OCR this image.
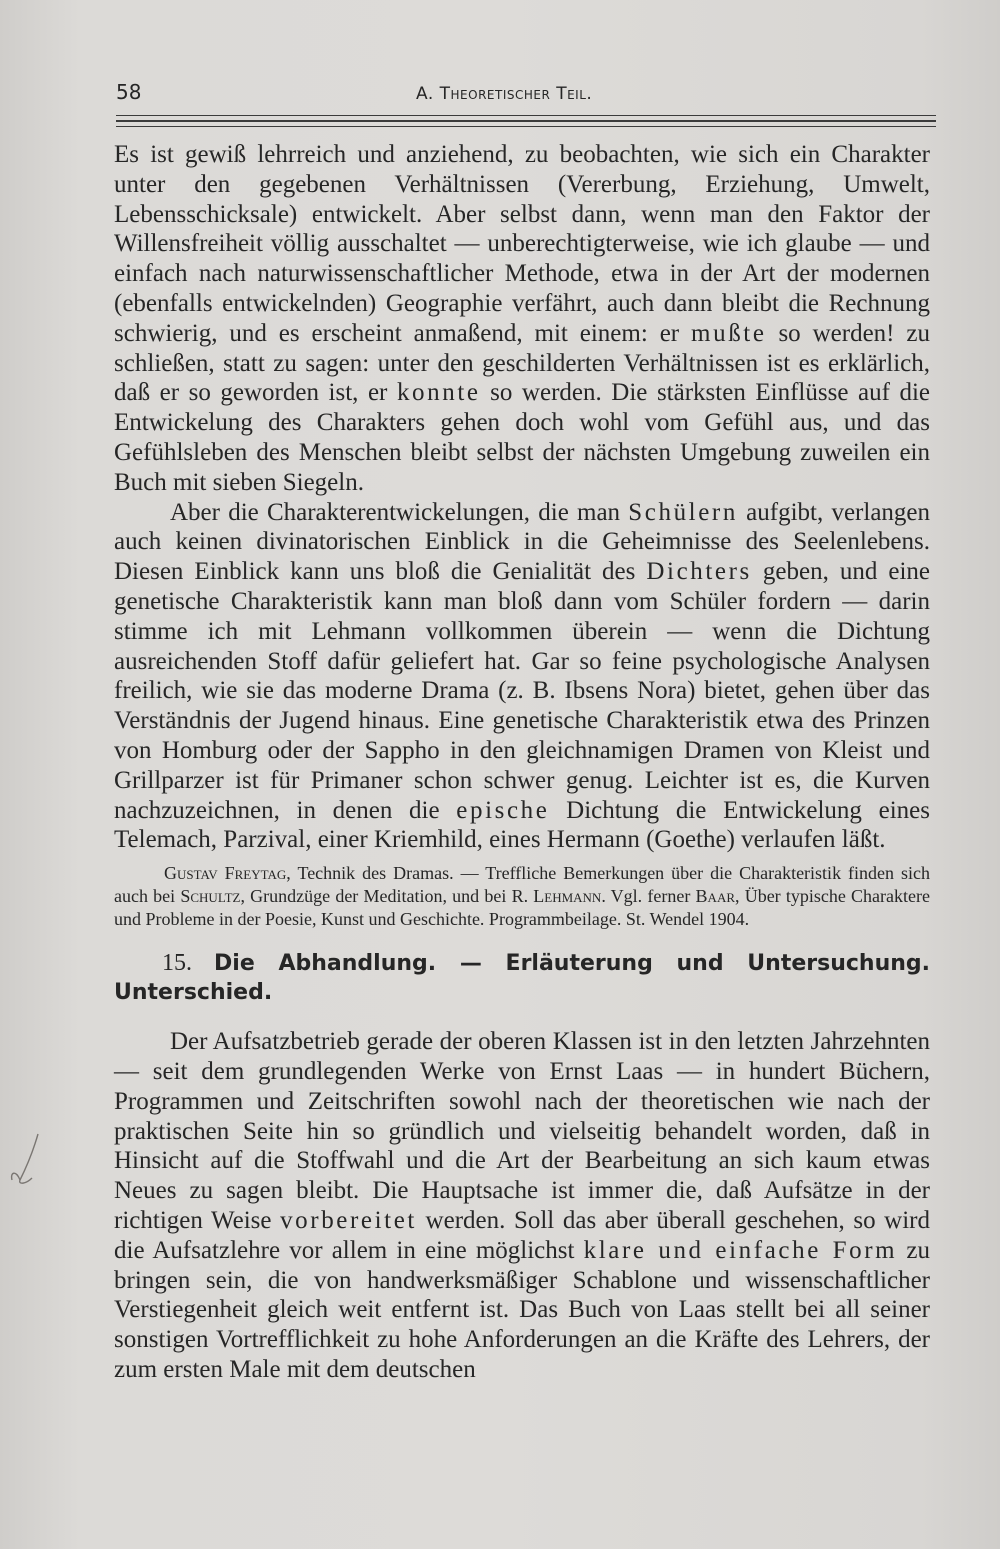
58	A. Theoretischer Teil.

Es ist gewiß lehrreich und anziehend, zu beobachten, wie sich ein Charakter unter den gegebenen Verhältnissen (Vererbung, Erziehung, Umwelt, Lebensschicksale) entwickelt. Aber selbst dann, wenn man den Faktor der Willensfreiheit völlig ausschaltet — unberechtigterweise, wie ich glaube — und einfach nach naturwissenschaftlicher Methode, etwa in der Art der modernen (ebenfalls entwickelnden) Geographie verfährt, auch dann bleibt die Rechnung schwierig, und es erscheint anmaßend, mit einem: er mußte so werden! zu schließen, statt zu sagen: unter den geschilderten Verhältnissen ist es erklärlich, daß er so geworden ist, er konnte so werden. Die stärksten Einflüsse auf die Entwickelung des Charakters gehen doch wohl vom Gefühl aus, und das Gefühlsleben des Menschen bleibt selbst der nächsten Umgebung zuweilen ein Buch mit sieben Siegeln.

Aber die Charakterentwickelungen, die man Schülern aufgibt, verlangen auch keinen divinatorischen Einblick in die Geheimnisse des Seelenlebens. Diesen Einblick kann uns bloß die Genialität des Dichters geben, und eine genetische Charakteristik kann man bloß dann vom Schüler fordern — darin stimme ich mit Lehmann vollkommen überein — wenn die Dichtung ausreichenden Stoff dafür geliefert hat. Gar so feine psychologische Analysen freilich, wie sie das moderne Drama (z. B. Ibsens Nora) bietet, gehen über das Verständnis der Jugend hinaus. Eine genetische Charakteristik etwa des Prinzen von Homburg oder der Sappho in den gleichnamigen Dramen von Kleist und Grillparzer ist für Primaner schon schwer genug. Leichter ist es, die Kurven nachzuzeichnen, in denen die epische Dichtung die Entwickelung eines Telemach, Parzival, einer Kriemhild, eines Hermann (Goethe) verlaufen läßt.

Gustav Freytag, Technik des Dramas. — Treffliche Bemerkungen über die Charakteristik finden sich auch bei Schultz, Grundzüge der Meditation, und bei R. Lehmann. Vgl. ferner Baar, Über typische Charaktere und Probleme in der Poesie, Kunst und Geschichte. Programmbeilage. St. Wendel 1904.

15. Die Abhandlung. — Erläuterung und Untersuchung. Unterschied.

Der Aufsatzbetrieb gerade der oberen Klassen ist in den letzten Jahrzehnten — seit dem grundlegenden Werke von Ernst Laas — in hundert Büchern, Programmen und Zeitschriften sowohl nach der theoretischen wie nach der praktischen Seite hin so gründlich und vielseitig behandelt worden, daß in Hinsicht auf die Stoffwahl und die Art der Bearbeitung an sich kaum etwas Neues zu sagen bleibt. Die Hauptsache ist immer die, daß Aufsätze in der richtigen Weise vorbereitet werden. Soll das aber überall geschehen, so wird die Aufsatzlehre vor allem in eine möglichst klare und einfache Form zu bringen sein, die von handwerksmäßiger Schablone und wissenschaftlicher Verstiegenheit gleich weit entfernt ist. Das Buch von Laas stellt bei all seiner sonstigen Vortrefflichkeit zu hohe Anforderungen an die Kräfte des Lehrers, der zum ersten Male mit dem deutschen
